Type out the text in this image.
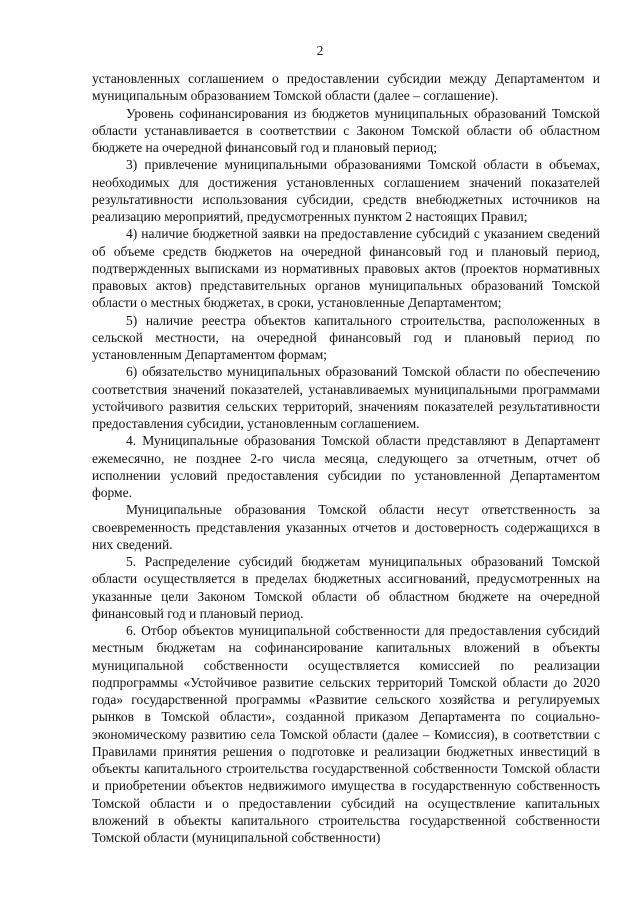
2

установленных соглашением о предоставлении субсидии между Департаментом и муниципальным образованием Томской области (далее – соглашение).

Уровень софинансирования из бюджетов муниципальных образований Томской области устанавливается в соответствии с Законом Томской области об областном бюджете на очередной финансовый год и плановый период;

3) привлечение муниципальными образованиями Томской области в объемах, необходимых для достижения установленных соглашением значений показателей результативности использования субсидии, средств внебюджетных источников на реализацию мероприятий, предусмотренных пунктом 2 настоящих Правил;

4) наличие бюджетной заявки на предоставление субсидий с указанием сведений об объеме средств бюджетов на очередной финансовый год и плановый период, подтвержденных выписками из нормативных правовых актов (проектов нормативных правовых актов) представительных органов муниципальных образований Томской области о местных бюджетах, в сроки, установленные Департаментом;

5) наличие реестра объектов капитального строительства, расположенных в сельской местности, на очередной финансовый год и плановый период по установленным Департаментом формам;

6) обязательство муниципальных образований Томской области по обеспечению соответствия значений показателей, устанавливаемых муниципальными программами устойчивого развития сельских территорий, значениям показателей результативности предоставления субсидии, установленным соглашением.

4. Муниципальные образования Томской области представляют в Департамент ежемесячно, не позднее 2-го числа месяца, следующего за отчетным, отчет об исполнении условий предоставления субсидии по установленной Департаментом форме.

Муниципальные образования Томской области несут ответственность за своевременность представления указанных отчетов и достоверность содержащихся в них сведений.

5. Распределение субсидий бюджетам муниципальных образований Томской области осуществляется в пределах бюджетных ассигнований, предусмотренных на указанные цели Законом Томской области об областном бюджете на очередной финансовый год и плановый период.

6. Отбор объектов муниципальной собственности для предоставления субсидий местным бюджетам на софинансирование капитальных вложений в объекты муниципальной собственности осуществляется комиссией по реализации подпрограммы «Устойчивое развитие сельских территорий Томской области до 2020 года» государственной программы «Развитие сельского хозяйства и регулируемых рынков в Томской области», созданной приказом Департамента по социально-экономическому развитию села Томской области (далее – Комиссия), в соответствии с Правилами принятия решения о подготовке и реализации бюджетных инвестиций в объекты капитального строительства государственной собственности Томской области и приобретении объектов недвижимого имущества в государственную собственность Томской области и о предоставлении субсидий на осуществление капитальных вложений в объекты капитального строительства государственной собственности Томской области (муниципальной собственности)
